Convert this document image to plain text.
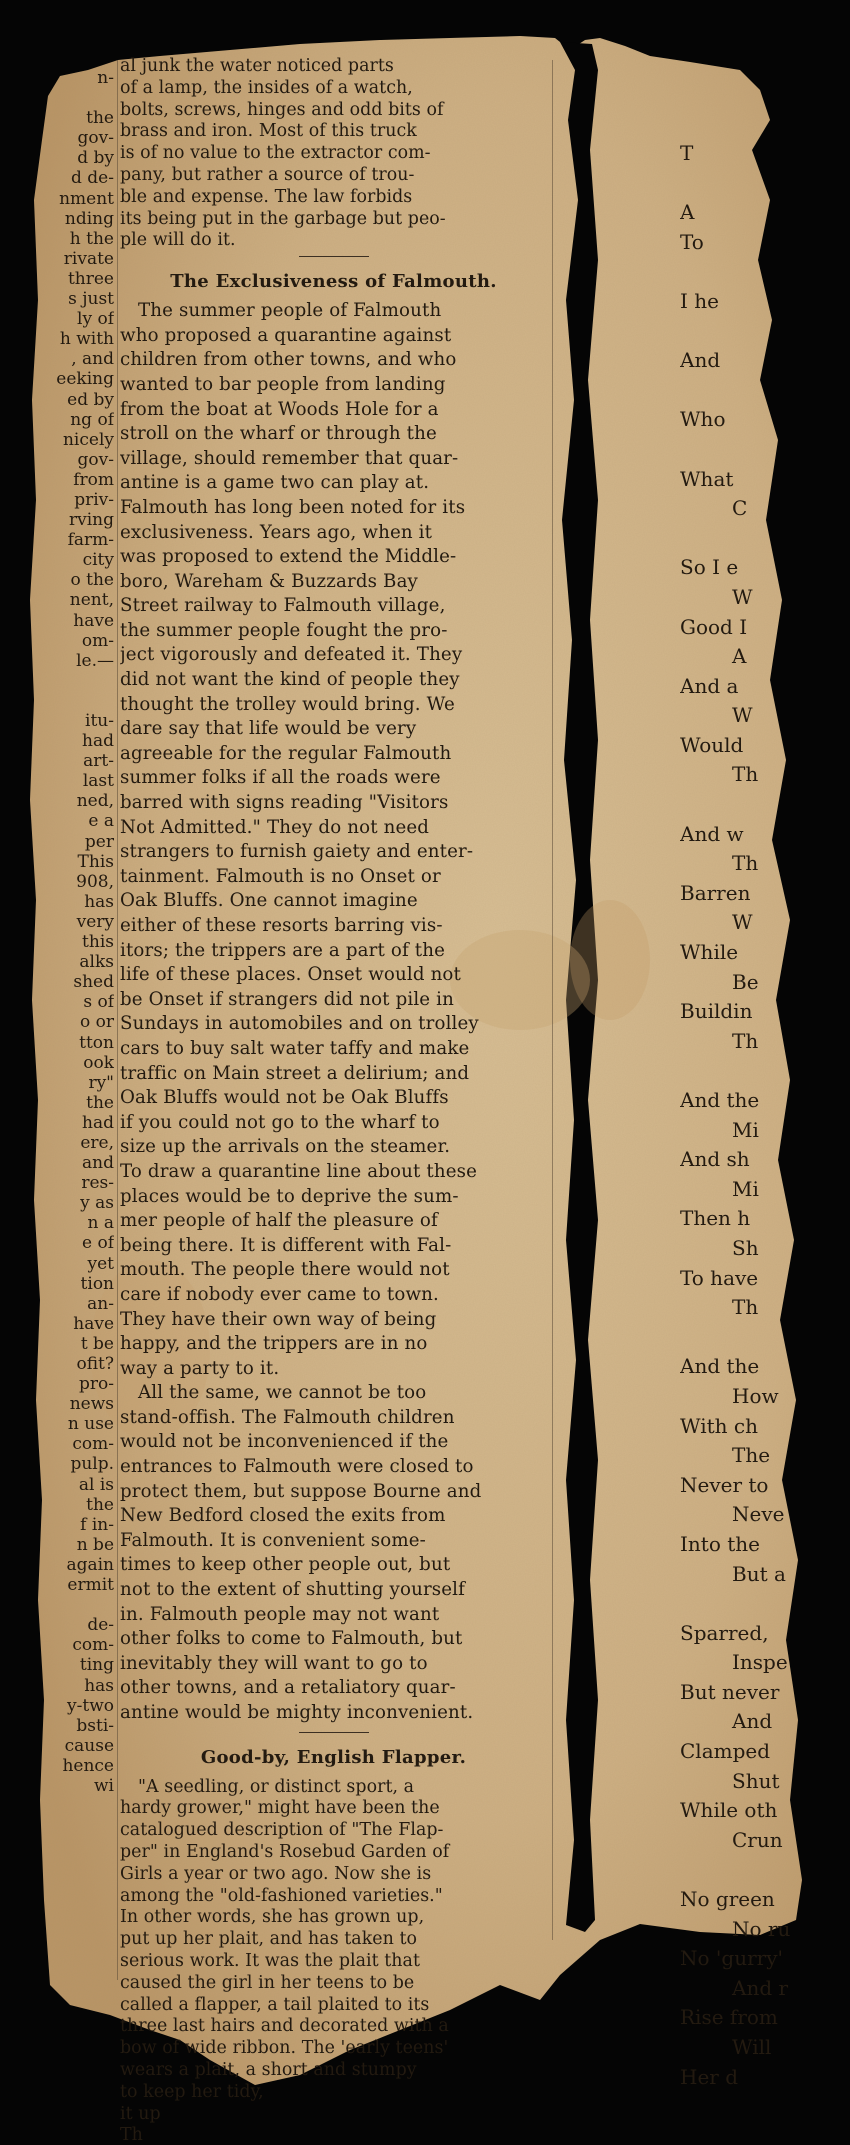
n-
the
gov-
d by
d de-
nment
nding
h the
rivate
three
s just
ly of
h with
, and
eeking
ed by
ng of
nicely
gov-
from
priv-
rving
farm-
city
o the
nent,
have
om-
le.—
itu-
had
art-
last
ned,
e a
per
This
908,
has
very
this
alks
shed
s of
o or
tton
ook
ry"
the
had
ere,
and
res-
y as
n a
e of
yet
tion
an-
have
t be
ofit?
pro-
news
n use
com-
pulp.
al is
the
f in-
n be
again
ermit
de-
com-
ting
has
y-two
bsti-
cause
hence
wi
al junk the water noticed parts
of a lamp, the insides of a watch,
bolts, screws, hinges and odd bits of
brass and iron. Most of this truck
is of no value to the extractor com-
pany, but rather a source of trou-
ble and expense. The law forbids
its being put in the garbage but peo-
ple will do it.
The Exclusiveness of Falmouth.
The summer people of Falmouth
who proposed a quarantine against
children from other towns, and who
wanted to bar people from landing
from the boat at Woods Hole for a
stroll on the wharf or through the
village, should remember that quar-
antine is a game two can play at.
Falmouth has long been noted for its
exclusiveness. Years ago, when it
was proposed to extend the Middle-
boro, Wareham & Buzzards Bay
Street railway to Falmouth village,
the summer people fought the pro-
ject vigorously and defeated it. They
did not want the kind of people they
thought the trolley would bring. We
dare say that life would be very
agreeable for the regular Falmouth
summer folks if all the roads were
barred with signs reading "Visitors
Not Admitted." They do not need
strangers to furnish gaiety and enter-
tainment. Falmouth is no Onset or
Oak Bluffs. One cannot imagine
either of these resorts barring vis-
itors; the trippers are a part of the
life of these places. Onset would not
be Onset if strangers did not pile in
Sundays in automobiles and on trolley
cars to buy salt water taffy and make
traffic on Main street a delirium; and
Oak Bluffs would not be Oak Bluffs
if you could not go to the wharf to
size up the arrivals on the steamer.
To draw a quarantine line about these
places would be to deprive the sum-
mer people of half the pleasure of
being there. It is different with Fal-
mouth. The people there would not
care if nobody ever came to town.
They have their own way of being
happy, and the trippers are in no
way a party to it.
All the same, we cannot be too
stand-offish. The Falmouth children
would not be inconvenienced if the
entrances to Falmouth were closed to
protect them, but suppose Bourne and
New Bedford closed the exits from
Falmouth. It is convenient some-
times to keep other people out, but
not to the extent of shutting yourself
in. Falmouth people may not want
other folks to come to Falmouth, but
inevitably they will want to go to
other towns, and a retaliatory quar-
antine would be mighty inconvenient.
Good-by, English Flapper.
"A seedling, or distinct sport, a
hardy grower," might have been the
catalogued description of "The Flap-
per" in England's Rosebud Garden of
Girls a year or two ago. Now she is
among the "old-fashioned varieties."
In other words, she has grown up,
put up her plait, and has taken to
serious work. It was the plait that
caused the girl in her teens to be
called a flapper, a tail plaited to its
three last hairs and decorated with a
bow of wide ribbon. The 'early teens'
wears a plait, a short and stumpy
to keep her tidy,
it up
Th
T
A
To
I he
And
Who
What
C
So I e
W
Good I
A
And a
W
Would
Th
And w
Th
Barren
W
While
Be
Buildin
Th
And the
Mi
And sh
Mi
Then h
Sh
To have
Th
And the
How
With ch
The
Never to
Neve
Into the
But a
Sparred,
Inspe
But never
And
Clamped
Shut
While oth
Crun
No green
No ru
No 'gurry'
And r
Rise from
Will
Her d
